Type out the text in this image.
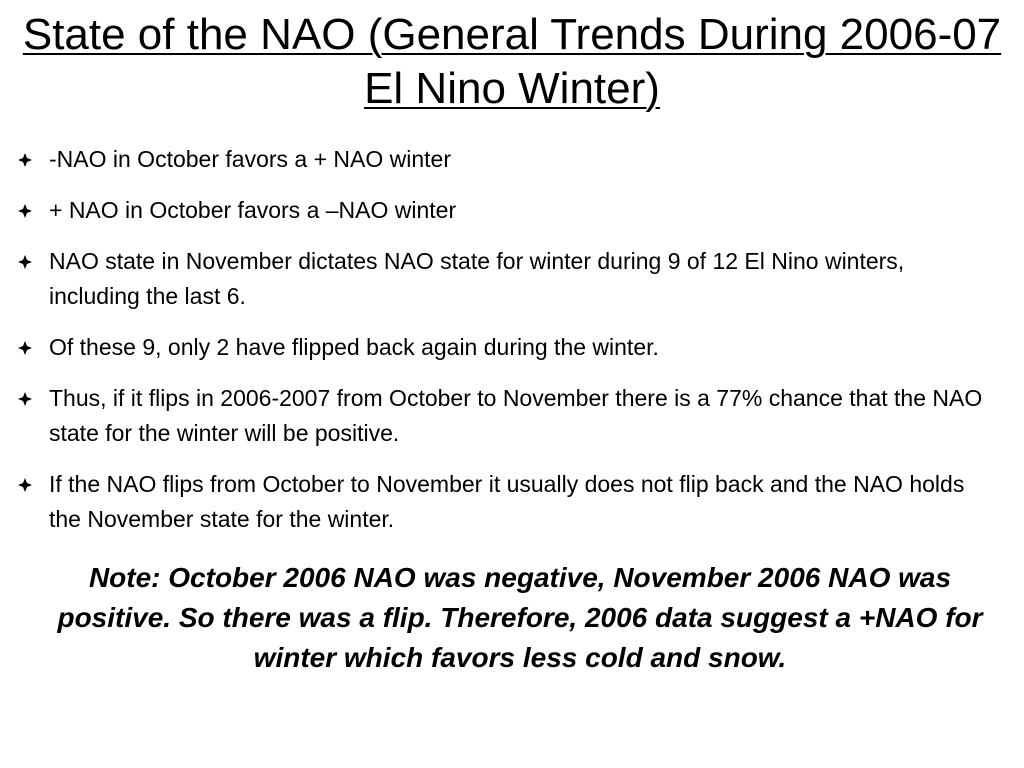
State of the NAO (General Trends During 2006-07 El Nino Winter)
-NAO in October favors a + NAO winter
+ NAO in October favors a –NAO winter
NAO state in November dictates NAO state for winter during 9 of 12 El Nino winters, including the last 6.
Of these 9, only 2 have flipped back again during the winter.
Thus, if it flips in 2006-2007 from October to November there is a 77% chance that the NAO state for the winter will be positive.
If the NAO flips from October to November it usually does not flip back and the NAO holds the November state for the winter.

Note: October 2006 NAO was negative, November 2006 NAO was positive. So there was a flip. Therefore, 2006 data suggest a +NAO for winter which favors less cold and snow.
